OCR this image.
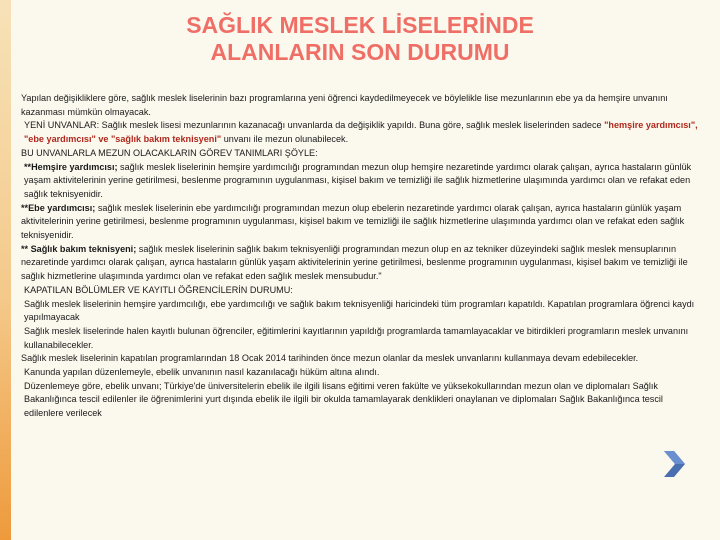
SAĞLIK MESLEK LİSELERİNDE
ALANLARIN SON DURUMU

Yapılan değişikliklere göre, sağlık meslek liselerinin bazı programlarına yeni öğrenci kaydedilmeyecek ve böylelikle lise mezunlarının ebe ya da hemşire unvanını kazanması mümkün olmayacak.

YENİ UNVANLAR: Sağlık meslek lisesi mezunlarının kazanacağı unvanlarda da değişiklik yapıldı. Buna göre, sağlık meslek liselerinden sadece "hemşire yardımcısı", "ebe yardımcısı" ve "sağlık bakım teknisyeni" unvanı ile mezun olunabilecek.

BU UNVANLARLA MEZUN OLACAKLARIN GÖREV TANIMLARI ŞÖYLE:

**Hemşire yardımcısı; sağlık meslek liselerinin hemşire yardımcılığı programından mezun olup hemşire nezaretinde yardımcı olarak çalışan, ayrıca hastaların günlük yaşam aktivitelerinin yerine getirilmesi, beslenme programının uygulanması, kişisel bakım ve temizliği ile sağlık hizmetlerine ulaşımında yardımcı olan ve refakat eden sağlık teknisyenidir.

**Ebe yardımcısı; sağlık meslek liselerinin ebe yardımcılığı programından mezun olup ebelerin nezaretinde yardımcı olarak çalışan, ayrıca hastaların günlük yaşam aktivitelerinin yerine getirilmesi, beslenme programının uygulanması, kişisel bakım ve temizliği ile sağlık hizmetlerine ulaşımında yardımcı olan ve refakat eden sağlık teknisyenidir.

** Sağlık bakım teknisyeni; sağlık meslek liselerinin sağlık bakım teknisyenliği programından mezun olup en az tekniker düzeyindeki sağlık meslek mensuplarının nezaretinde yardımcı olarak çalışan, ayrıca hastaların günlük yaşam aktivitelerinin yerine getirilmesi, beslenme programının uygulanması, kişisel bakım ve temizliği ile sağlık hizmetlerine ulaşımında yardımcı olan ve refakat eden sağlık meslek mensubudur."

KAPATILAN BÖLÜMLER VE KAYITLI ÖĞRENCİLERİN DURUMU:

Sağlık meslek liselerinin hemşire yardımcılığı, ebe yardımcılığı ve sağlık bakım teknisyenliği haricindeki tüm programları kapatıldı. Kapatılan programlara öğrenci kaydı yapılmayacak

Sağlık meslek liselerinde halen kayıtlı bulunan öğrenciler, eğitimlerini kayıtlarının yapıldığı programlarda tamamlayacaklar ve bitirdikleri programların meslek unvanını kullanabilecekler.

Sağlık meslek liselerinin kapatılan programlarından 18 Ocak 2014 tarihinden önce mezun olanlar da meslek unvanlarını kullanmaya devam edebilecekler.

Kanunda yapılan düzenlemeyle, ebelik unvanının nasıl kazanılacağı hüküm altına alındı.

Düzenlemeye göre, ebelik unvanı; Türkiye'de üniversitelerin ebelik ile ilgili lisans eğitimi veren fakülte ve yüksekokullarından mezun olan ve diplomaları Sağlık Bakanlığınca tescil edilenler ile öğrenimlerini yurt dışında ebelik ile ilgili bir okulda tamamlayarak denklikleri onaylanan ve diplomaları Sağlık Bakanlığınca tescil edilenlere verilecek
